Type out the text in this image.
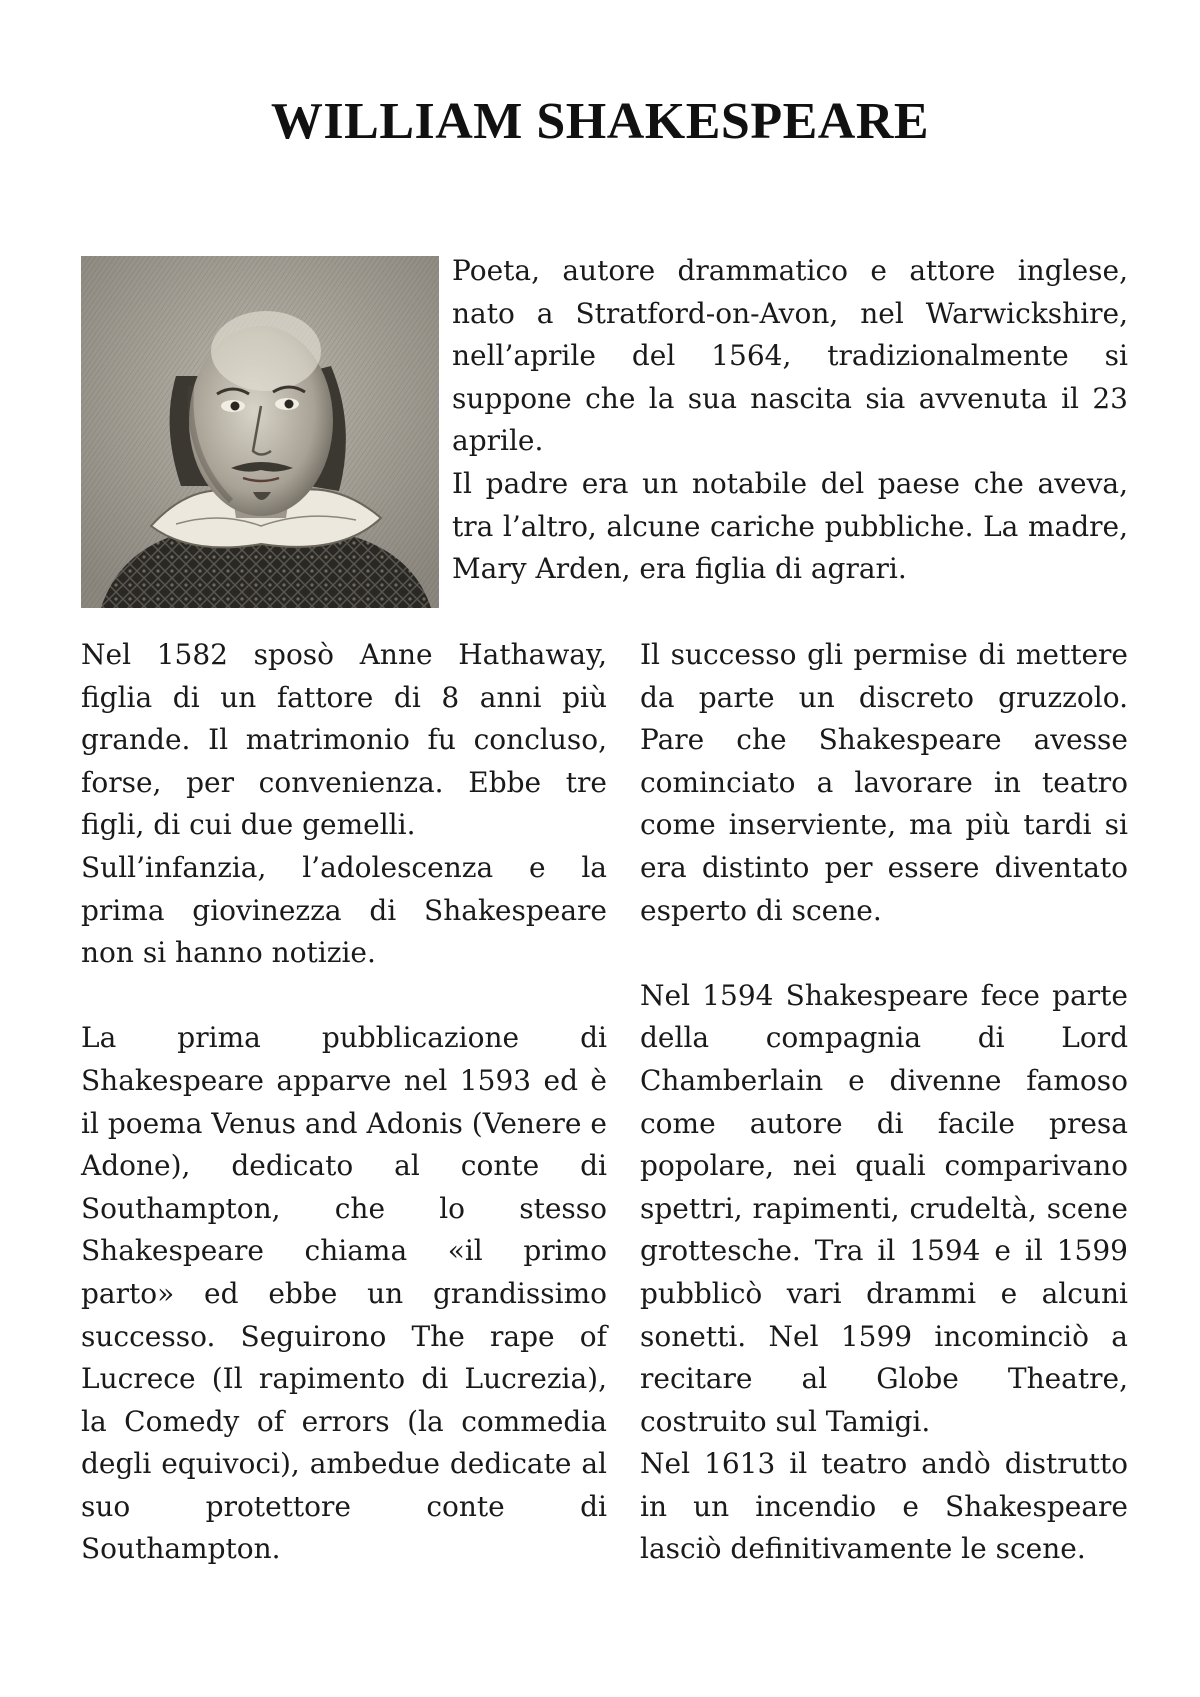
WILLIAM SHAKESPEARE

Poeta, autore drammatico e attore inglese, nato a Stratford-on-Avon, nel Warwickshire, nell’aprile del 1564, tradizionalmente si suppone che la sua nascita sia avvenuta il 23 aprile.

Il padre era un notabile del paese che aveva, tra l’altro, alcune cariche pubbliche. La madre, Mary Arden, era figlia di agrari.

Nel 1582 sposò Anne Hathaway, figlia di un fattore di 8 anni più grande. Il matrimonio fu concluso, forse, per convenienza. Ebbe tre figli, di cui due gemelli.

Sull’infanzia, l’adolescenza e la prima giovinezza di Shakespeare non si hanno notizie.

La prima pubblicazione di Shakespeare apparve nel 1593 ed è il poema Venus and Adonis (Venere e Adone), dedicato al conte di Southampton, che lo stesso Shakespeare chiama «il primo parto» ed ebbe un grandissimo successo. Seguirono The rape of Lucrece (Il rapimento di Lucrezia), la Comedy of errors (la commedia degli equivoci), ambedue dedicate al suo protettore conte di Southampton.

Il successo gli permise di mettere da parte un discreto gruzzolo. Pare che Shakespeare avesse cominciato a lavorare in teatro come inserviente, ma più tardi si era distinto per essere diventato esperto di scene.

Nel 1594 Shakespeare fece parte della compagnia di Lord Chamberlain e divenne famoso come autore di facile presa popolare, nei quali comparivano spettri, rapimenti, crudeltà, scene grottesche. Tra il 1594 e il 1599 pubblicò vari drammi e alcuni sonetti. Nel 1599 incominciò a recitare al Globe Theatre, costruito sul Tamigi.

Nel 1613 il teatro andò distrutto in un incendio e Shakespeare lasciò definitivamente le scene.
